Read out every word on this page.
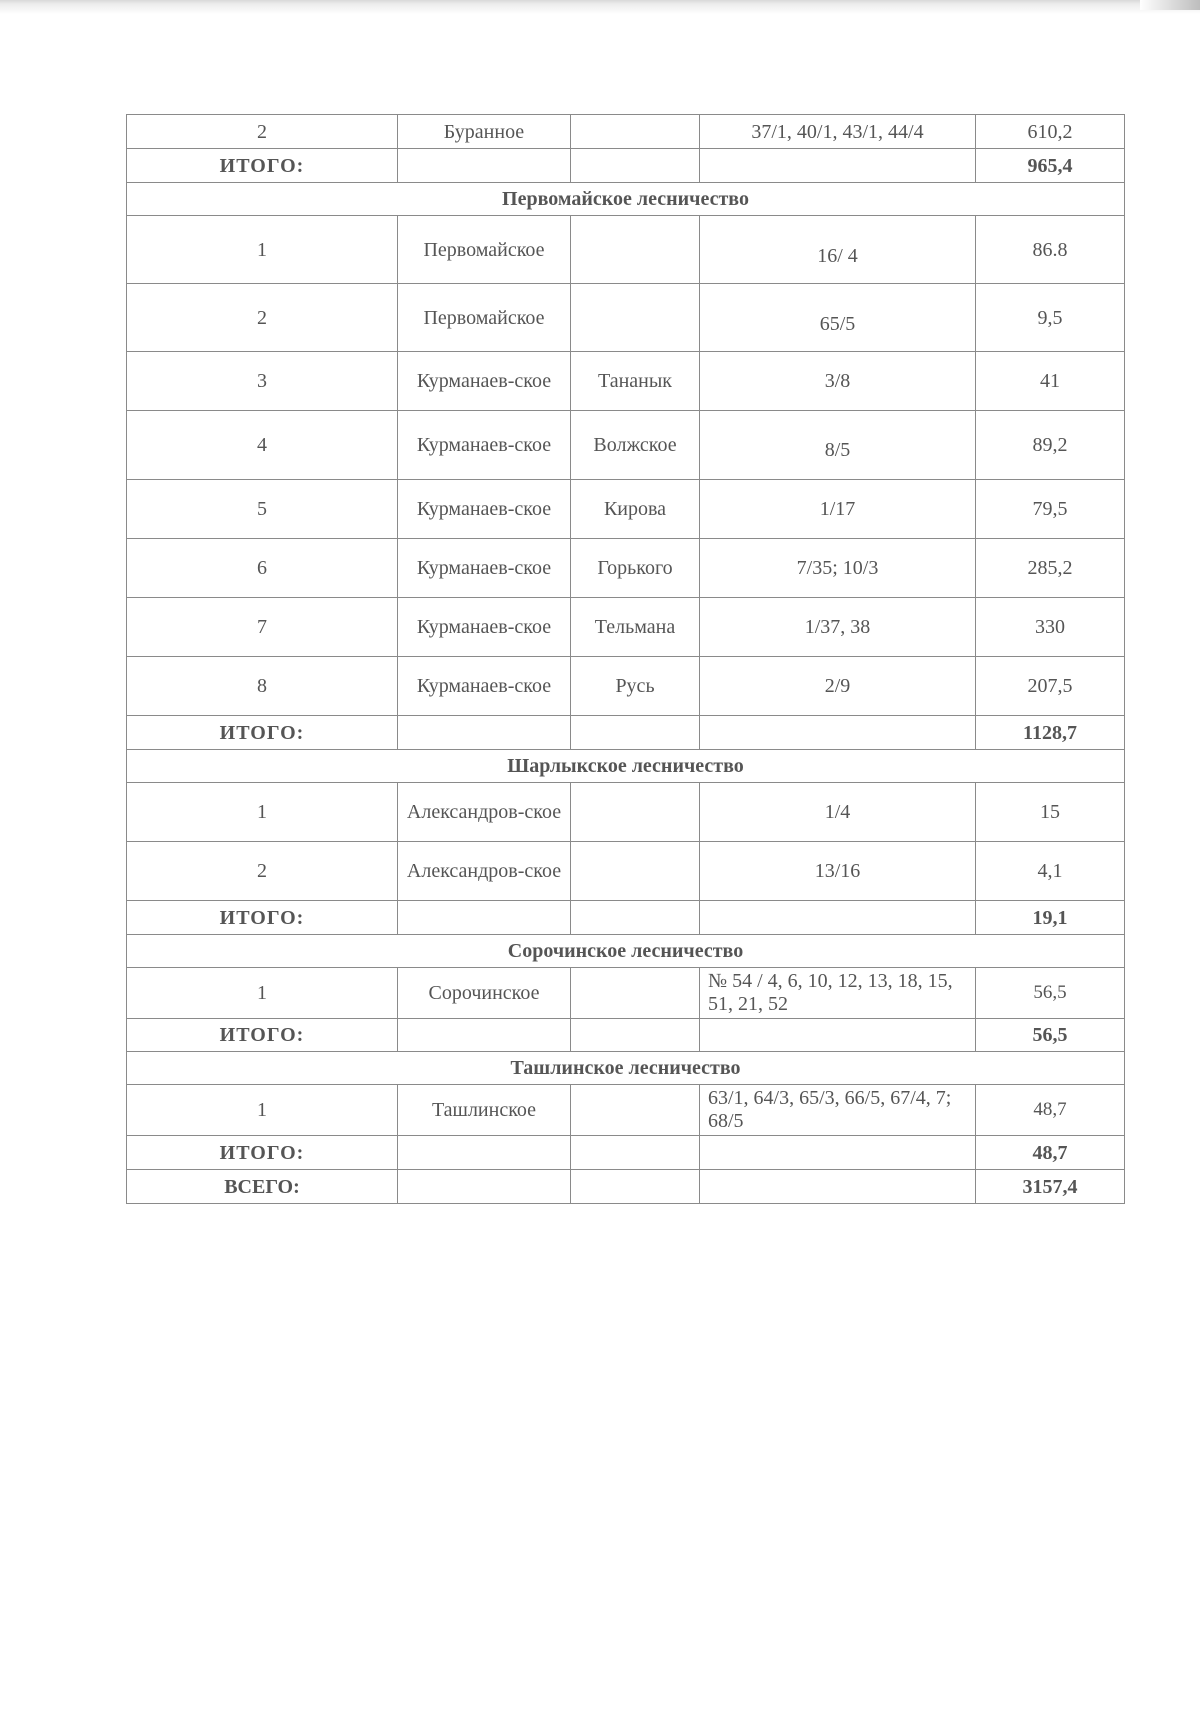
2	Буранное		37/1, 40/1, 43/1, 44/4	610,2
ИТОГО:				965,4
Первомайское лесничество				
1	Первомайское		16/ 4	86.8
2	Первомайское		65/5	9,5
3	Курманаев-ское	Тананык	3/8	41
4	Курманаев-ское	Волжское	8/5	89,2
5	Курманаев-ское	Кирова	1/17	79,5
6	Курманаев-ское	Горького	7/35; 10/3	285,2
7	Курманаев-ское	Тельмана	1/37, 38	330
8	Курманаев-ское	Русь	2/9	207,5
ИТОГО:				1128,7
Шарлыкское лесничество				
1	Александров-ское		1/4	15
2	Александров-ское		13/16	4,1
ИТОГО:				19,1
Сорочинское лесничество				
1	Сорочинское		№ 54 / 4, 6, 10, 12, 13, 18, 15, 51, 21, 52	56,5
ИТОГО:				56,5
Ташлинское лесничество				
1	Ташлинское		63/1, 64/3, 65/3, 66/5, 67/4, 7; 68/5	48,7
ИТОГО:				48,7
ВСЕГО:				3157,4
